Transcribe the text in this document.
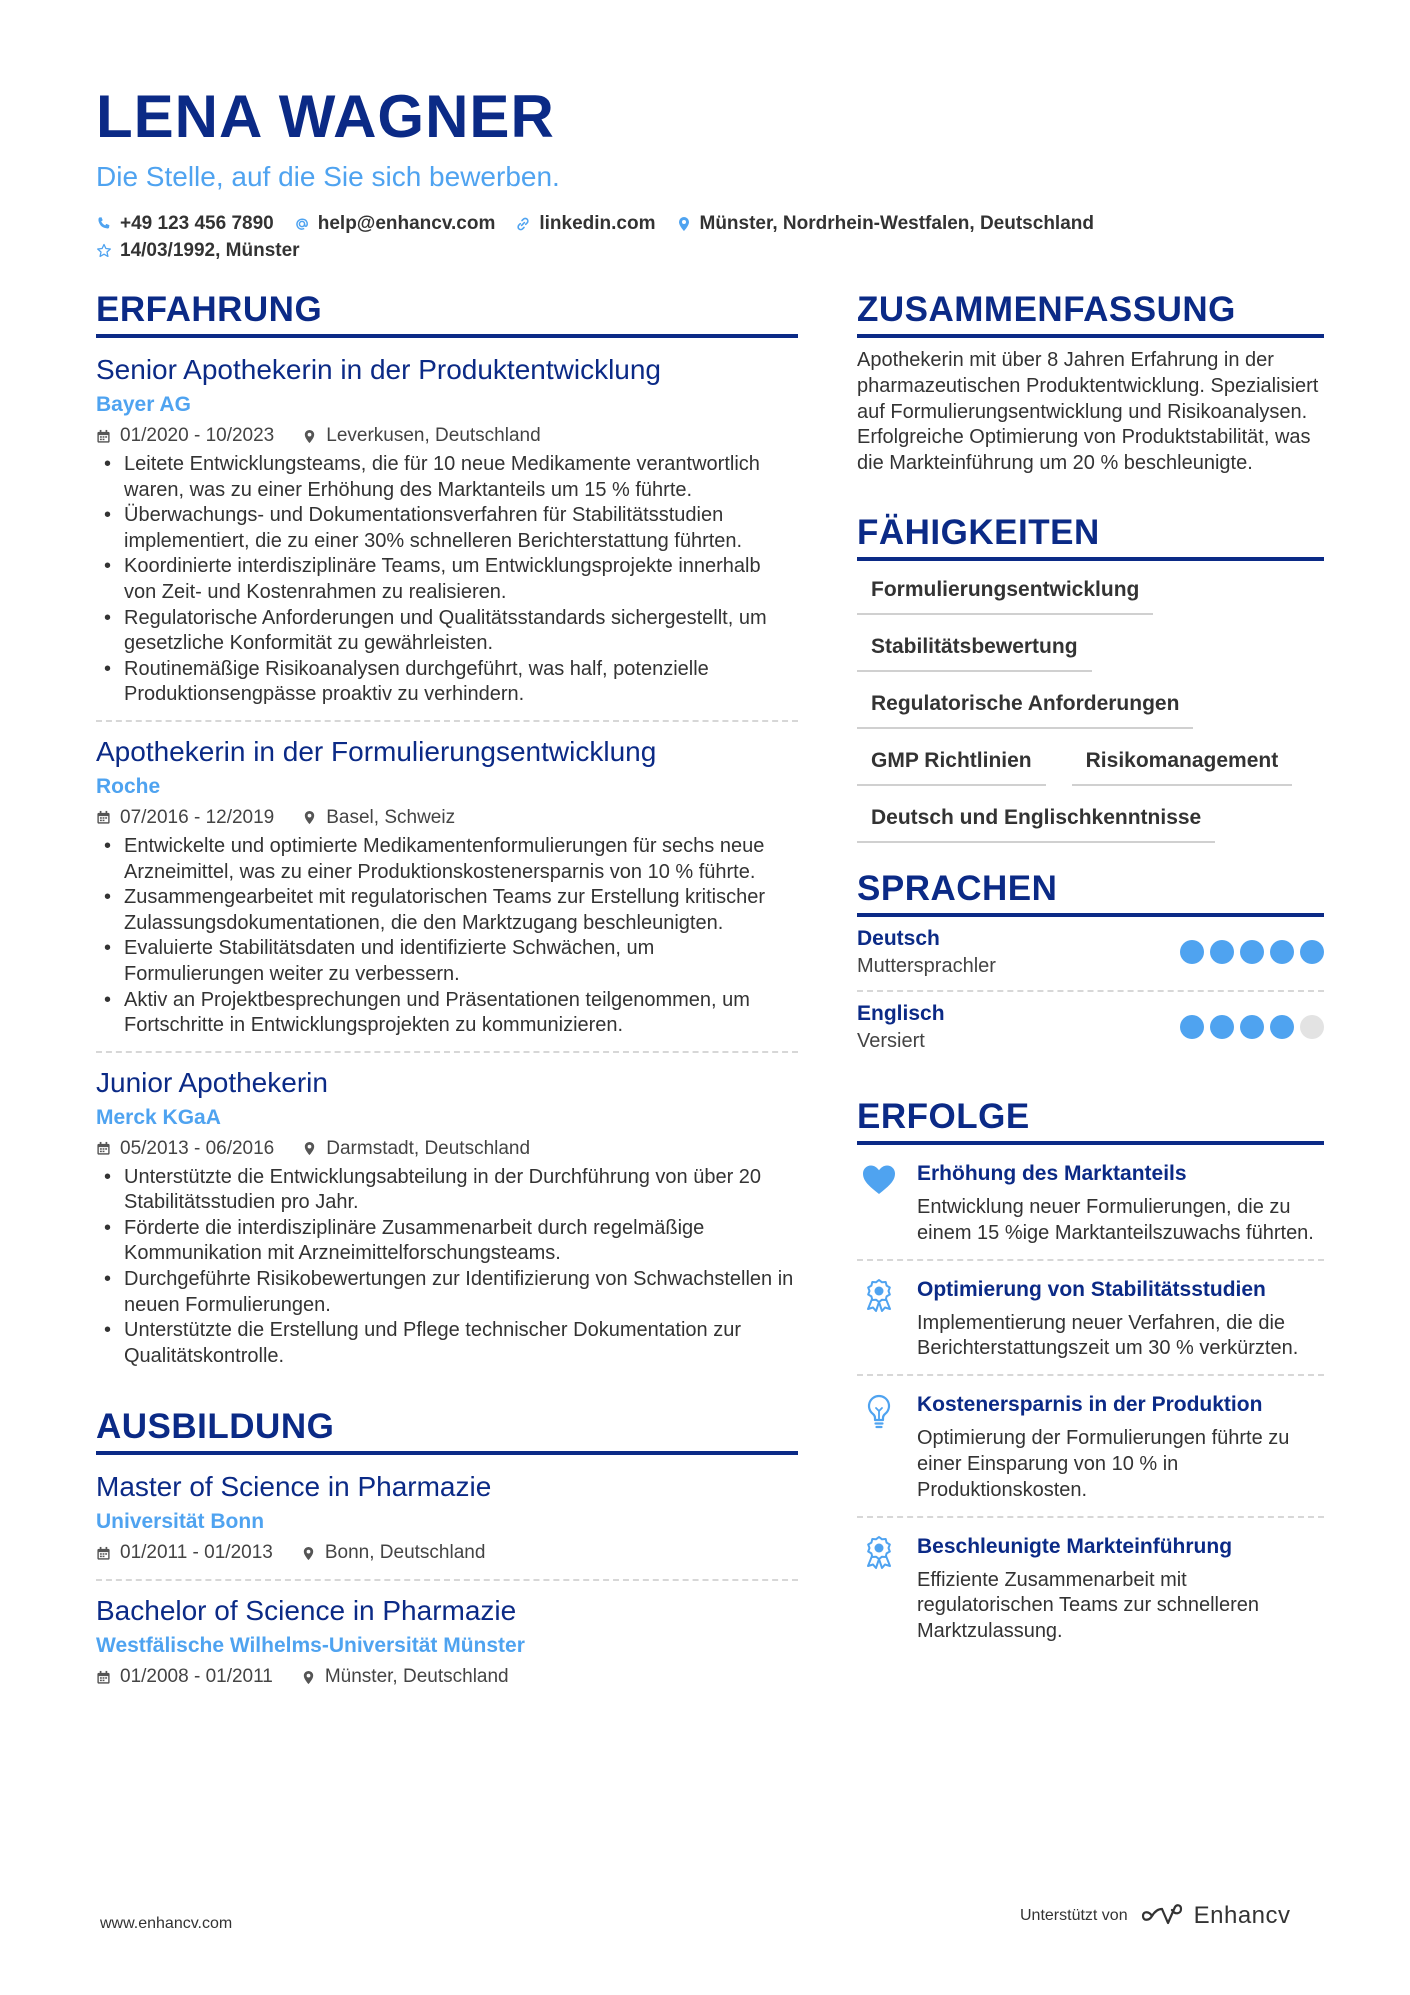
LENA WAGNER
Die Stelle, auf die Sie sich bewerben.
+49 123 456 7890 help@enhancv.com linkedin.com Münster, Nordrhein-Westfalen, Deutschland
14/03/1992, Münster
ERFAHRUNG
Senior Apothekerin in der Produktentwicklung
Bayer AG
01/2020 - 10/2023	Leverkusen, Deutschland
• Leitete Entwicklungsteams, die für 10 neue Medikamente verantwortlich waren, was zu einer Erhöhung des Marktanteils um 15 % führte.
• Überwachungs- und Dokumentationsverfahren für Stabilitätsstudien implementiert, die zu einer 30% schnelleren Berichterstattung führten.
• Koordinierte interdisziplinäre Teams, um Entwicklungsprojekte innerhalb von Zeit- und Kostenrahmen zu realisieren.
• Regulatorische Anforderungen und Qualitätsstandards sichergestellt, um gesetzliche Konformität zu gewährleisten.
• Routinemäßige Risikoanalysen durchgeführt, was half, potenzielle Produktionsengpässe proaktiv zu verhindern.
Apothekerin in der Formulierungsentwicklung
Roche
07/2016 - 12/2019	Basel, Schweiz
• Entwickelte und optimierte Medikamentenformulierungen für sechs neue Arzneimittel, was zu einer Produktionskostenersparnis von 10 % führte.
• Zusammengearbeitet mit regulatorischen Teams zur Erstellung kritischer Zulassungsdokumentationen, die den Marktzugang beschleunigten.
• Evaluierte Stabilitätsdaten und identifizierte Schwächen, um Formulierungen weiter zu verbessern.
• Aktiv an Projektbesprechungen und Präsentationen teilgenommen, um Fortschritte in Entwicklungsprojekten zu kommunizieren.
Junior Apothekerin
Merck KGaA
05/2013 - 06/2016	Darmstadt, Deutschland
• Unterstützte die Entwicklungsabteilung in der Durchführung von über 20 Stabilitätsstudien pro Jahr.
• Förderte die interdisziplinäre Zusammenarbeit durch regelmäßige Kommunikation mit Arzneimittelforschungsteams.
• Durchgeführte Risikobewertungen zur Identifizierung von Schwachstellen in neuen Formulierungen.
• Unterstützte die Erstellung und Pflege technischer Dokumentation zur Qualitätskontrolle.
AUSBILDUNG
Master of Science in Pharmazie
Universität Bonn
01/2011 - 01/2013	Bonn, Deutschland
Bachelor of Science in Pharmazie
Westfälische Wilhelms-Universität Münster
01/2008 - 01/2011	Münster, Deutschland
ZUSAMMENFASSUNG
Apothekerin mit über 8 Jahren Erfahrung in der pharmazeutischen Produktentwicklung. Spezialisiert auf Formulierungsentwicklung und Risikoanalysen. Erfolgreiche Optimierung von Produktstabilität, was die Markteinführung um 20 % beschleunigte.
FÄHIGKEITEN
Formulierungsentwicklung
Stabilitätsbewertung
Regulatorische Anforderungen
GMP Richtlinien	Risikomanagement
Deutsch und Englischkenntnisse
SPRACHEN
Deutsch
Muttersprachler
Englisch
Versiert
ERFOLGE
Erhöhung des Marktanteils
Entwicklung neuer Formulierungen, die zu einem 15 %ige Marktanteilszuwachs führten.
Optimierung von Stabilitätsstudien
Implementierung neuer Verfahren, die die Berichterstattungszeit um 30 % verkürzten.
Kostenersparnis in der Produktion
Optimierung der Formulierungen führte zu einer Einsparung von 10 % in Produktionskosten.
Beschleunigte Markteinführung
Effiziente Zusammenarbeit mit regulatorischen Teams zur schnelleren Marktzulassung.
www.enhancv.com	Unterstützt von	Enhancv
